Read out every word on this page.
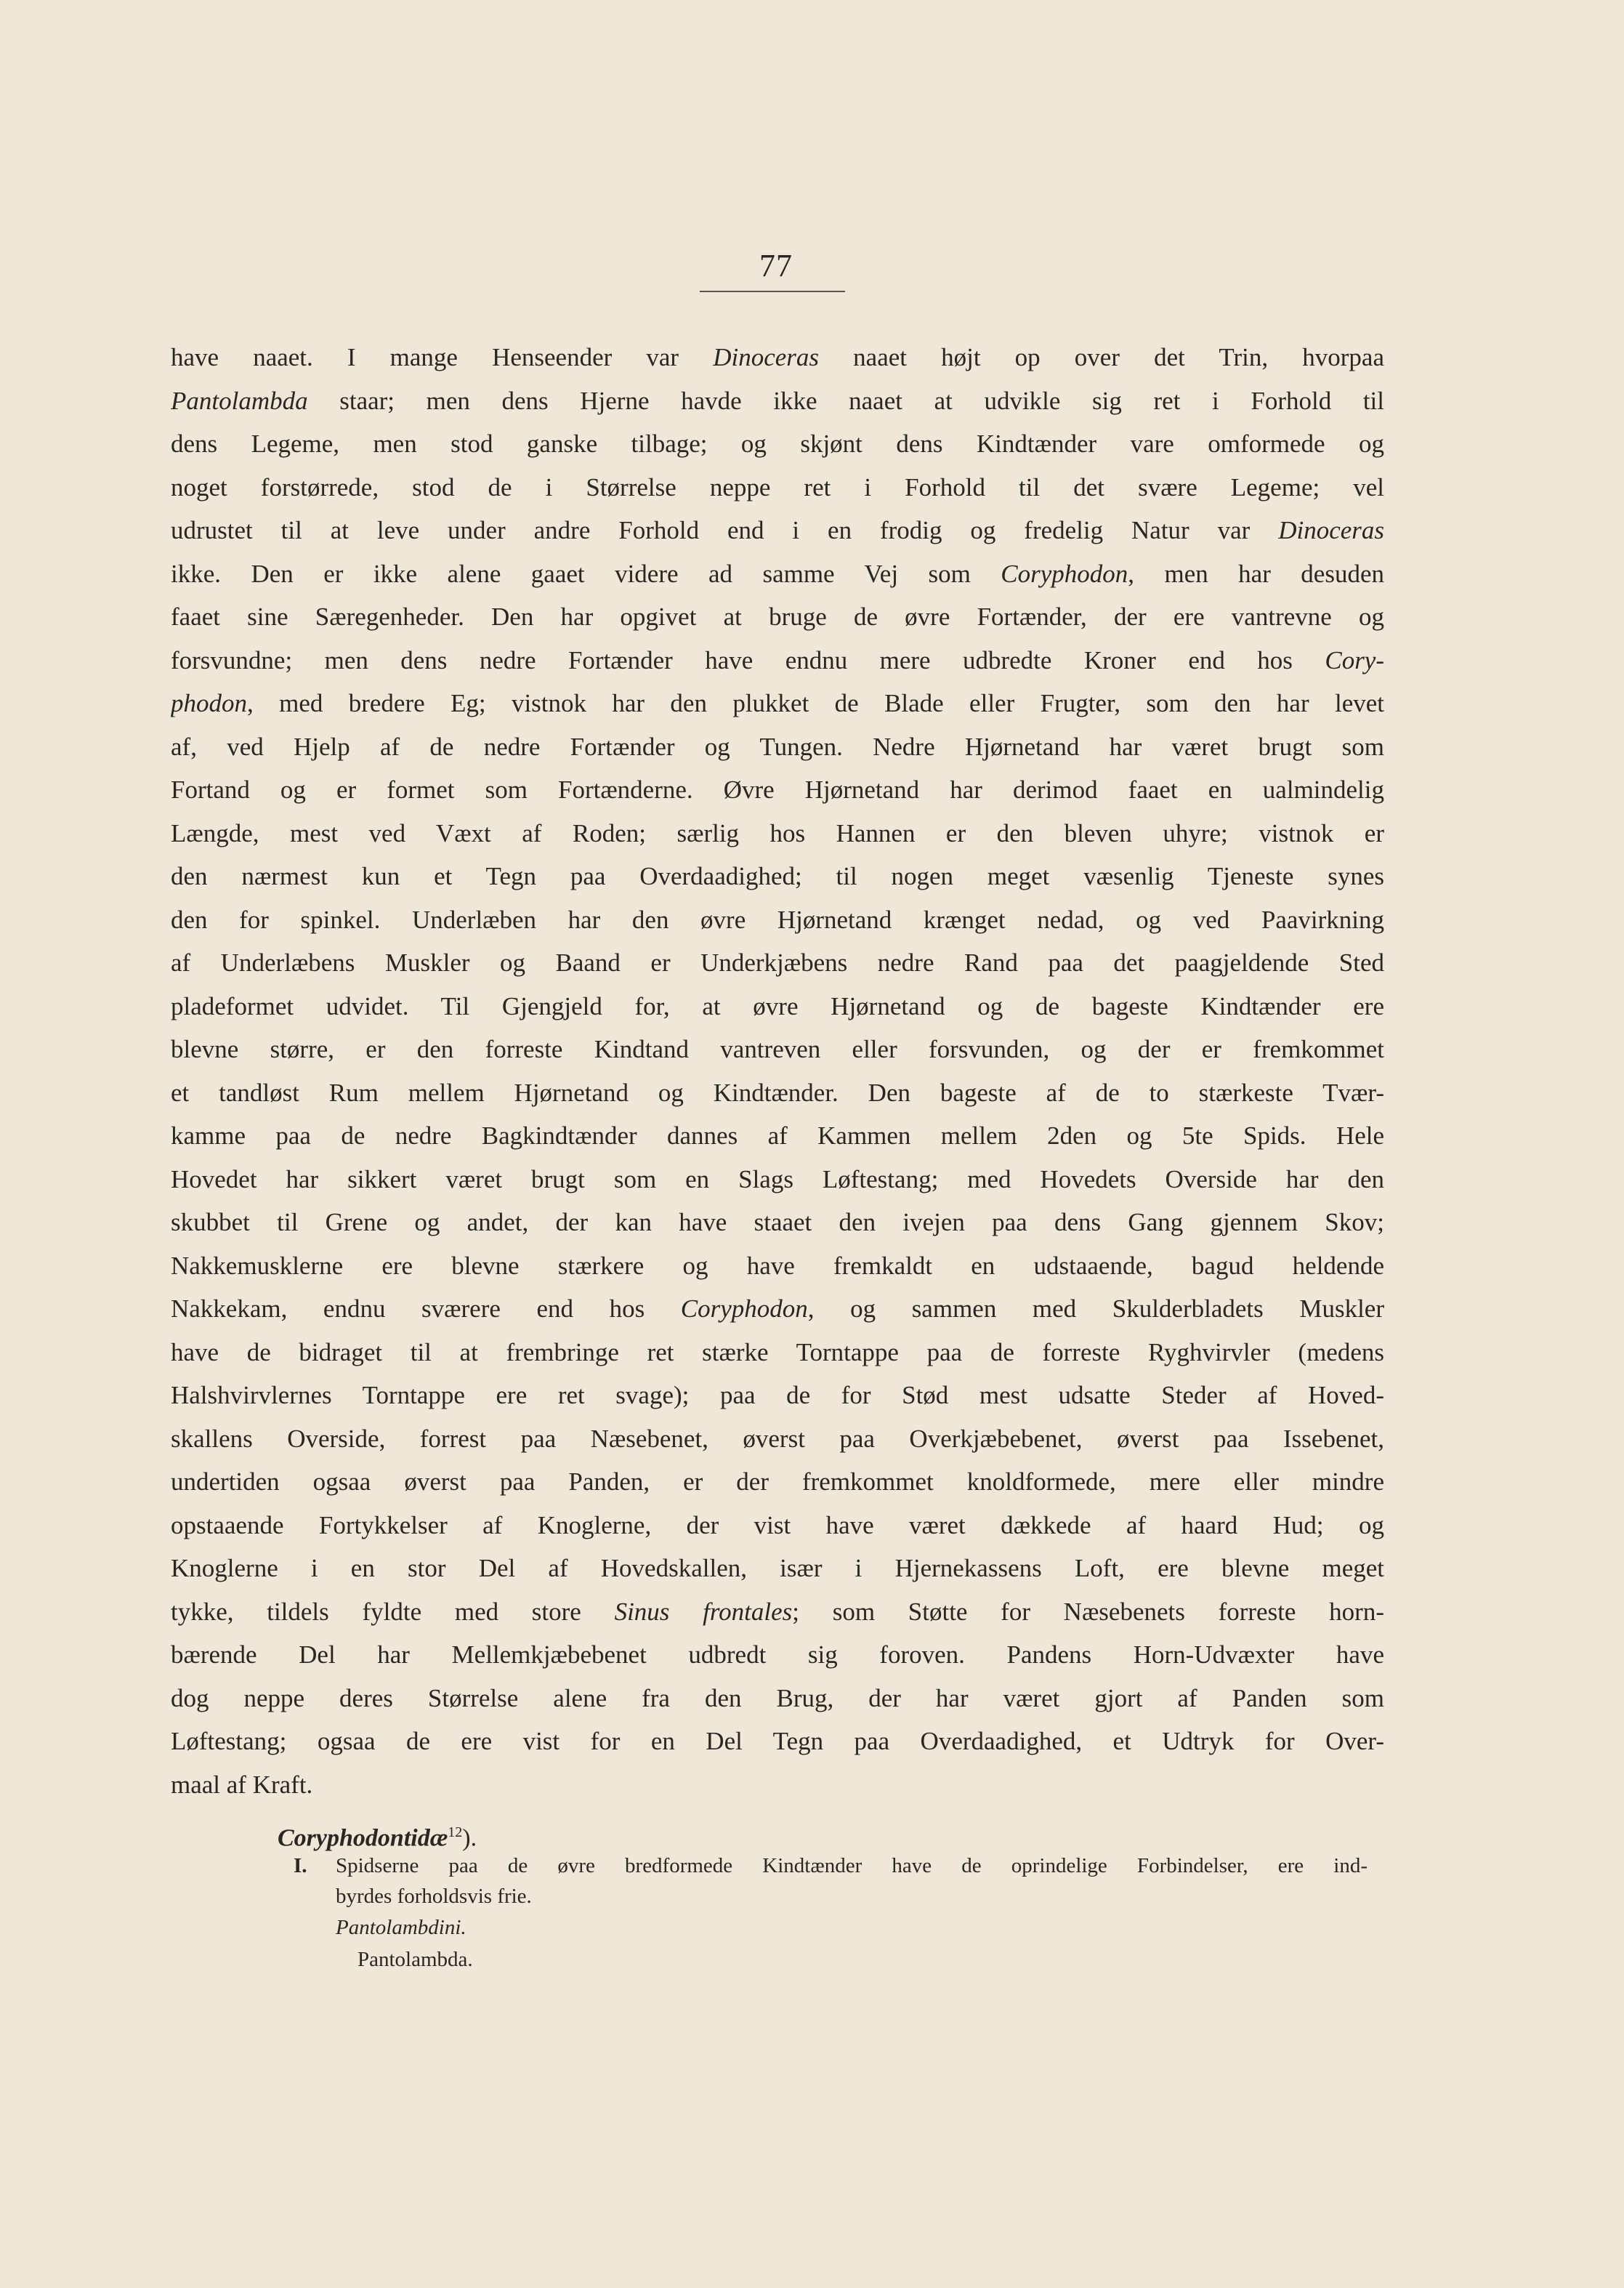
77
have naaet. I mange Henseender var Dinoceras naaet højt op over det Trin, hvorpaa
Pantolambda staar; men dens Hjerne havde ikke naaet at udvikle sig ret i Forhold til
dens Legeme, men stod ganske tilbage; og skjønt dens Kindtænder vare omformede og
noget forstørrede, stod de i Størrelse neppe ret i Forhold til det svære Legeme; vel
udrustet til at leve under andre Forhold end i en frodig og fredelig Natur var Dinoceras
ikke. Den er ikke alene gaaet videre ad samme Vej som Coryphodon, men har desuden
faaet sine Særegenheder. Den har opgivet at bruge de øvre Fortænder, der ere vantrevne og
forsvundne; men dens nedre Fortænder have endnu mere udbredte Kroner end hos Cory-
phodon, med bredere Eg; vistnok har den plukket de Blade eller Frugter, som den har levet
af, ved Hjelp af de nedre Fortænder og Tungen. Nedre Hjørnetand har været brugt som
Fortand og er formet som Fortænderne. Øvre Hjørnetand har derimod faaet en ualmindelig
Længde, mest ved Væxt af Roden; særlig hos Hannen er den bleven uhyre; vistnok er
den nærmest kun et Tegn paa Overdaadighed; til nogen meget væsenlig Tjeneste synes
den for spinkel. Underlæben har den øvre Hjørnetand krænget nedad, og ved Paavirkning
af Underlæbens Muskler og Baand er Underkjæbens nedre Rand paa det paagjeldende Sted
pladeformet udvidet. Til Gjengjeld for, at øvre Hjørnetand og de bageste Kindtænder ere
blevne større, er den forreste Kindtand vantreven eller forsvunden, og der er fremkommet
et tandløst Rum mellem Hjørnetand og Kindtænder. Den bageste af de to stærkeste Tvær-
kamme paa de nedre Bagkindtænder dannes af Kammen mellem 2den og 5te Spids. Hele
Hovedet har sikkert været brugt som en Slags Løftestang; med Hovedets Overside har den
skubbet til Grene og andet, der kan have staaet den ivejen paa dens Gang gjennem Skov;
Nakkemusklerne ere blevne stærkere og have fremkaldt en udstaaende, bagud heldende
Nakkekam, endnu sværere end hos Coryphodon, og sammen med Skulderbladets Muskler
have de bidraget til at frembringe ret stærke Torntappe paa de forreste Ryghvirvler (medens
Halshvirvlernes Torntappe ere ret svage); paa de for Stød mest udsatte Steder af Hoved-
skallens Overside, forrest paa Næsebenet, øverst paa Overkjæbebenet, øverst paa Issebenet,
undertiden ogsaa øverst paa Panden, er der fremkommet knoldformede, mere eller mindre
opstaaende Fortykkelser af Knoglerne, der vist have været dækkede af haard Hud; og
Knoglerne i en stor Del af Hovedskallen, især i Hjernekassens Loft, ere blevne meget
tykke, tildels fyldte med store Sinus frontales; som Støtte for Næsebenets forreste horn-
bærende Del har Mellemkjæbebenet udbredt sig foroven. Pandens Horn-Udvæxter have
dog neppe deres Størrelse alene fra den Brug, der har været gjort af Panden som
Løftestang; ogsaa de ere vist for en Del Tegn paa Overdaadighed, et Udtryk for Over-
maal af Kraft.
Coryphodontidæ$^{12}$).
I. Spidserne paa de øvre bredformede Kindtænder have de oprindelige Forbindelser, ere ind-
byrdes forholdsvis frie.
Pantolambdini.
Pantolambda.
